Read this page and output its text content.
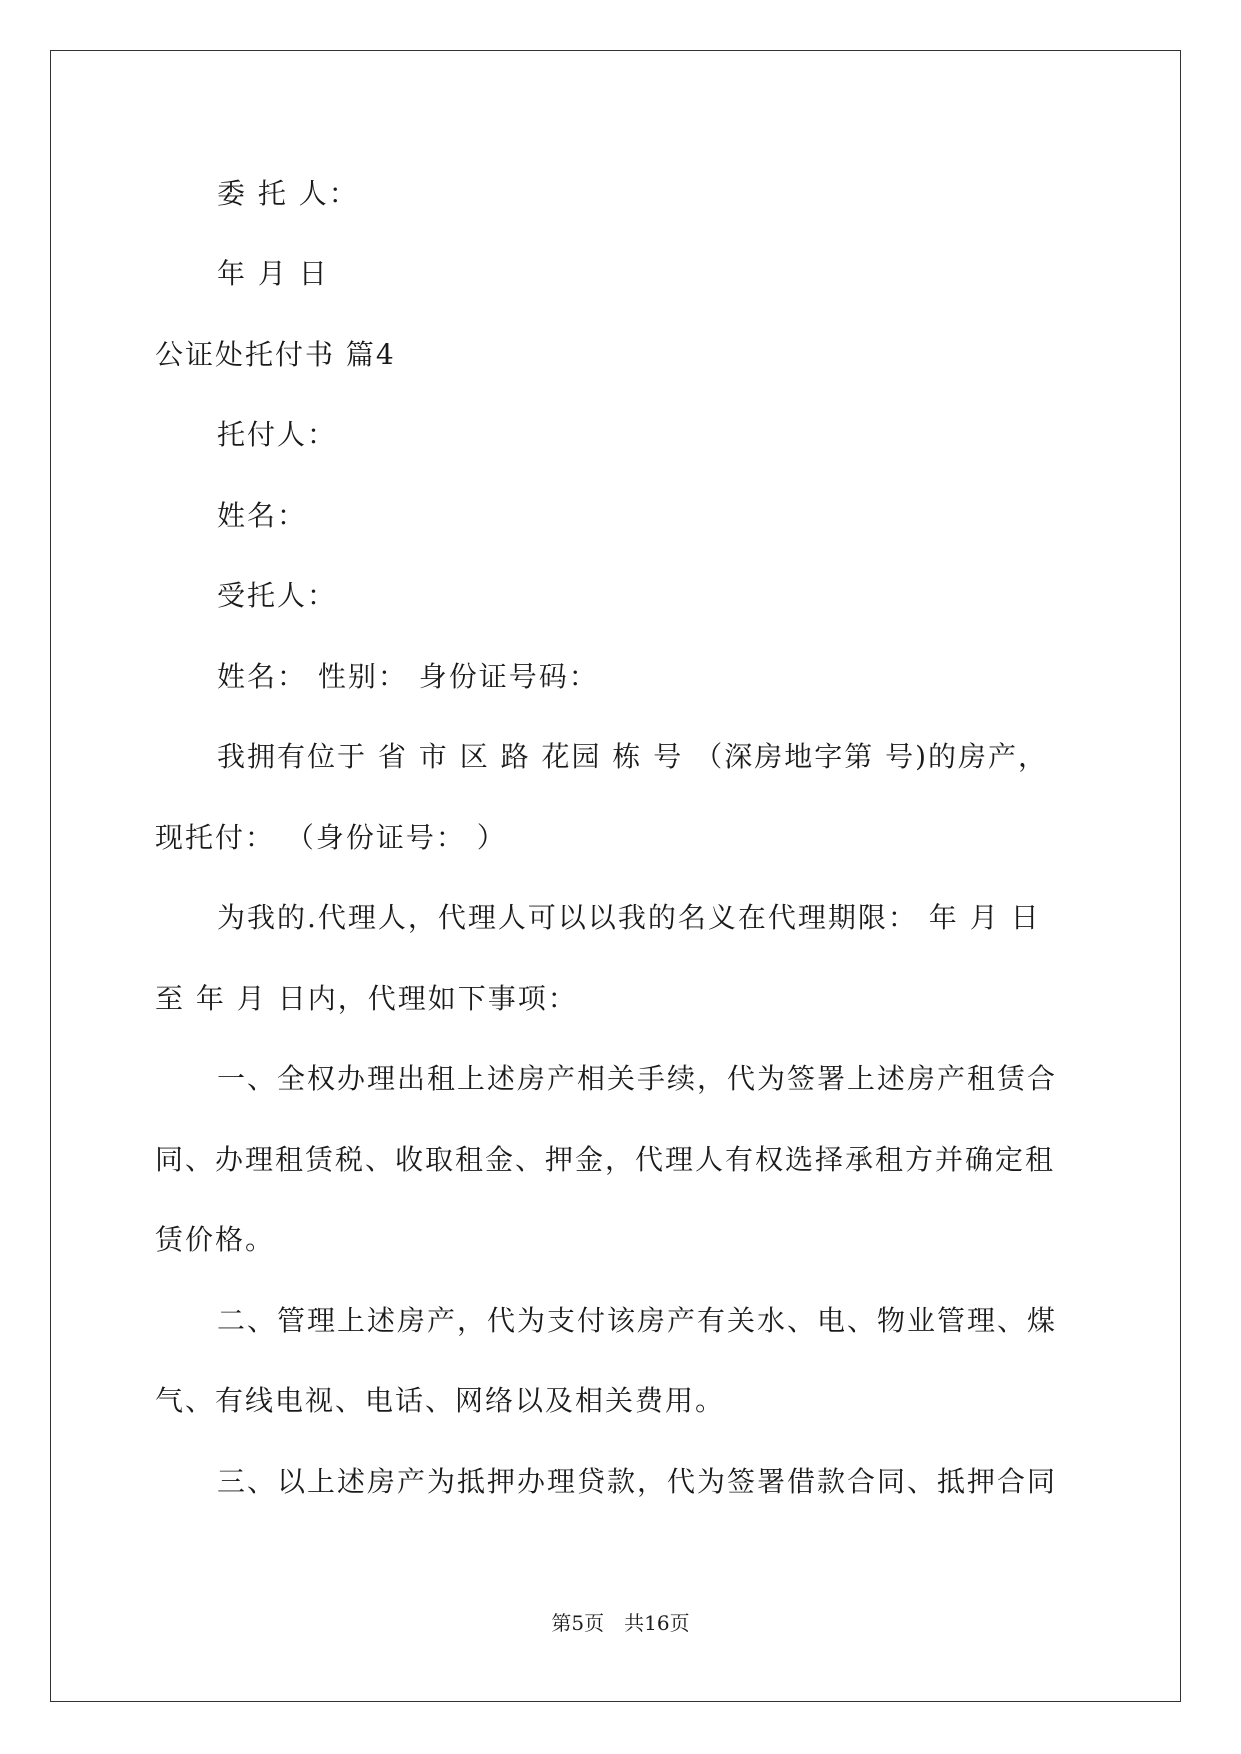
委 托 人：
年 月 日
公证处托付书 篇4
托付人：
姓名：
受托人：
姓名： 性别： 身份证号码：
我拥有位于 省 市 区 路 花园 栋 号 （深房地字第 号)的房产，
现托付： （身份证号： ）
为我的.代理人，代理人可以以我的名义在代理期限： 年 月 日
至 年 月 日内，代理如下事项：
一、全权办理出租上述房产相关手续，代为签署上述房产租赁合
同、办理租赁税、收取租金、押金，代理人有权选择承租方并确定租
赁价格。
二、管理上述房产，代为支付该房产有关水、电、物业管理、煤
气、有线电视、电话、网络以及相关费用。
三、以上述房产为抵押办理贷款，代为签署借款合同、抵押合同
第5页　共16页
